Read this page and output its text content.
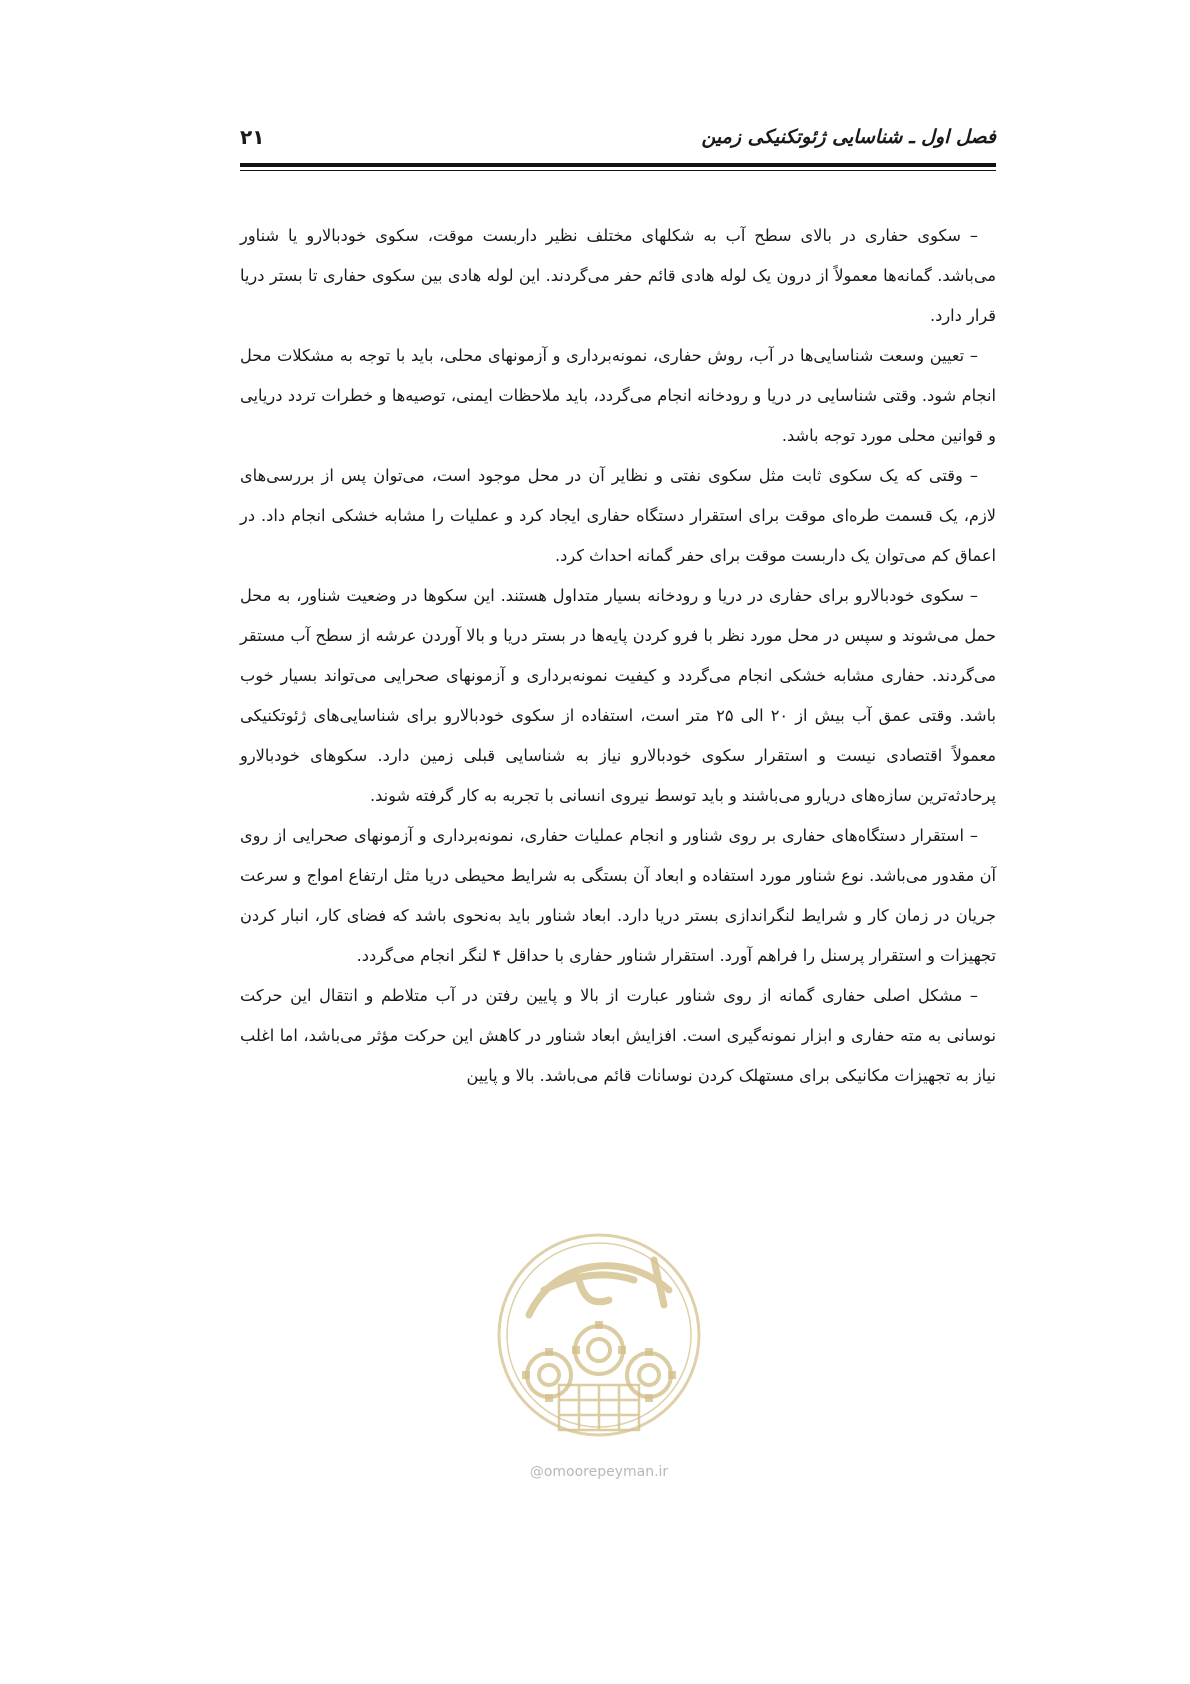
فصل اول ـ شناسایی ژئوتکنیکی زمین
۲۱

– سکوی حفاری در بالای سطح آب به شکلهای مختلف نظیر داربست موقت، سکوی خودبالارو یا شناور می‌باشد. گمانه‌ها معمولاً از درون یک لوله هادی قائم حفر می‌گردند. این لوله هادی بین سکوی حفاری تا بستر دریا قرار دارد.

– تعیین وسعت شناسایی‌ها در آب، روش حفاری، نمونه‌برداری و آزمونهای محلی، باید با توجه به مشکلات محل انجام شود. وقتی شناسایی در دریا و رودخانه انجام می‌گردد، باید ملاحظات ایمنی، توصیه‌ها و خطرات تردد دریایی و قوانین محلی مورد توجه باشد.

– وقتی که یک سکوی ثابت مثل سکوی نفتی و نظایر آن در محل موجود است، می‌توان پس از بررسی‌های لازم، یک قسمت طره‌ای موقت برای استقرار دستگاه حفاری ایجاد کرد و عملیات را مشابه خشکی انجام داد. در اعماق کم می‌توان یک داربست موقت برای حفر گمانه احداث کرد.

– سکوی خودبالارو برای حفاری در دریا و رودخانه بسیار متداول هستند. این سکوها در وضعیت شناور، به محل حمل می‌شوند و سپس در محل مورد نظر با فرو کردن پایه‌ها در بستر دریا و بالا آوردن عرشه از سطح آب مستقر می‌گردند. حفاری مشابه خشکی انجام می‌گردد و کیفیت نمونه‌برداری و آزمونهای صحرایی می‌تواند بسیار خوب باشد. وقتی عمق آب بیش از ۲۰ الی ۲۵ متر است، استفاده از سکوی خودبالارو برای شناسایی‌های ژئوتکنیکی معمولاً اقتصادی نیست و استقرار سکوی خودبالارو نیاز به شناسایی قبلی زمین دارد. سکوهای خودبالارو پرحادثه‌ترین سازه‌های دریارو می‌باشند و باید توسط نیروی انسانی با تجربه به کار گرفته شوند.

– استقرار دستگاه‌های حفاری بر روی شناور و انجام عملیات حفاری، نمونه‌برداری و آزمونهای صحرایی از روی آن مقدور می‌باشد. نوع شناور مورد استفاده و ابعاد آن بستگی به شرایط محیطی دریا مثل ارتفاع امواج و سرعت جریان در زمان کار و شرایط لنگراندازی بستر دریا دارد. ابعاد شناور باید به‌نحوی باشد که فضای کار، انبار کردن تجهیزات و استقرار پرسنل را فراهم آورد. استقرار شناور حفاری با حداقل ۴ لنگر انجام می‌گردد.

– مشکل اصلی حفاری گمانه از روی شناور عبارت از بالا و پایین رفتن در آب متلاطم و انتقال این حرکت نوسانی به مته حفاری و ابزار نمونه‌گیری است. افزایش ابعاد شناور در کاهش این حرکت مؤثر می‌باشد، اما اغلب نیاز به تجهیزات مکانیکی برای مستهلک کردن نوسانات قائم می‌باشد. بالا و پایین

@omoorepeyman.ir
